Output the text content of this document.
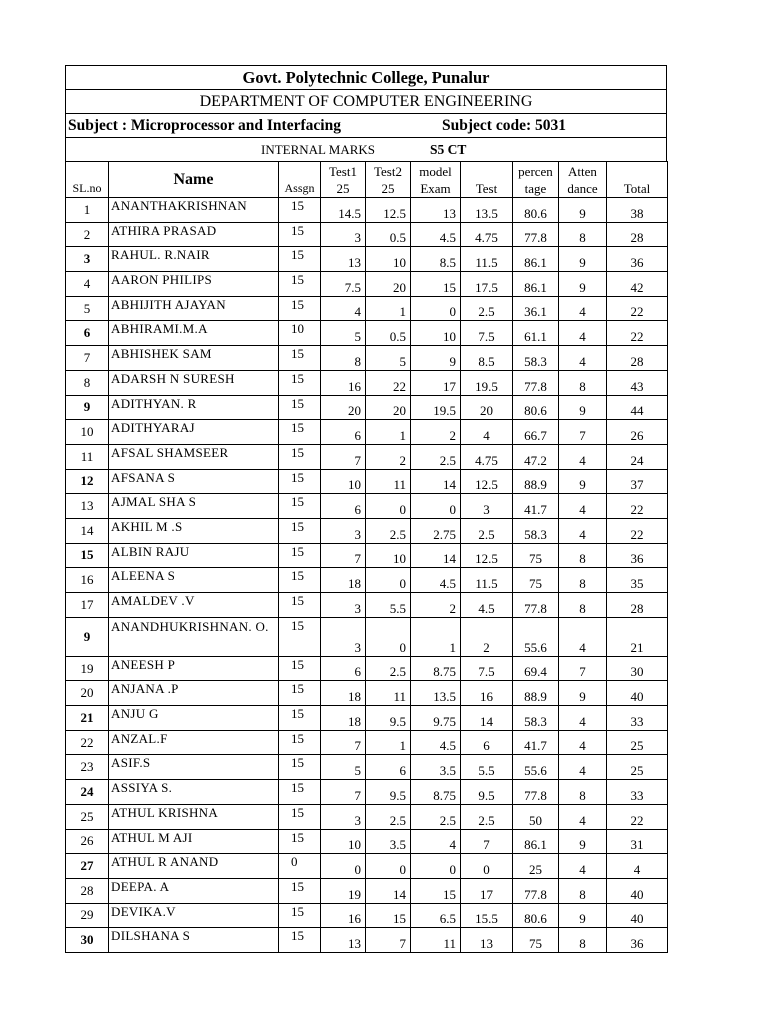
Govt. Polytechnic College, Punalur
DEPARTMENT OF COMPUTER ENGINEERING
Subject : Microprocessor and Interfacing	Subject code: 5031
INTERNAL MARKS	S5 CT
SL.no	Name	Assgn	Test1 25	Test2 25	model Exam	Test	percen tage	Atten dance	Total
1	ANANTHAKRISHNAN	15	14.5	12.5	13	13.5	80.6	9	38
2	ATHIRA PRASAD	15	3	0.5	4.5	4.75	77.8	8	28
3	RAHUL. R.NAIR	15	13	10	8.5	11.5	86.1	9	36
4	AARON PHILIPS	15	7.5	20	15	17.5	86.1	9	42
5	ABHIJITH AJAYAN	15	4	1	0	2.5	36.1	4	22
6	ABHIRAMI.M.A	10	5	0.5	10	7.5	61.1	4	22
7	ABHISHEK SAM	15	8	5	9	8.5	58.3	4	28
8	ADARSH N SURESH	15	16	22	17	19.5	77.8	8	43
9	ADITHYAN. R	15	20	20	19.5	20	80.6	9	44
10	ADITHYARAJ	15	6	1	2	4	66.7	7	26
11	AFSAL SHAMSEER	15	7	2	2.5	4.75	47.2	4	24
12	AFSANA S	15	10	11	14	12.5	88.9	9	37
13	AJMAL SHA S	15	6	0	0	3	41.7	4	22
14	AKHIL M .S	15	3	2.5	2.75	2.5	58.3	4	22
15	ALBIN RAJU	15	7	10	14	12.5	75	8	36
16	ALEENA S	15	18	0	4.5	11.5	75	8	35
17	AMALDEV .V	15	3	5.5	2	4.5	77.8	8	28
9	ANANDHUKRISHNAN. O.	15	3	0	1	2	55.6	4	21
19	ANEESH P	15	6	2.5	8.75	7.5	69.4	7	30
20	ANJANA .P	15	18	11	13.5	16	88.9	9	40
21	ANJU G	15	18	9.5	9.75	14	58.3	4	33
22	ANZAL.F	15	7	1	4.5	6	41.7	4	25
23	ASIF.S	15	5	6	3.5	5.5	55.6	4	25
24	ASSIYA S.	15	7	9.5	8.75	9.5	77.8	8	33
25	ATHUL KRISHNA	15	3	2.5	2.5	2.5	50	4	22
26	ATHUL M AJI	15	10	3.5	4	7	86.1	9	31
27	ATHUL R ANAND	0	0	0	0	0	25	4	4
28	DEEPA. A	15	19	14	15	17	77.8	8	40
29	DEVIKA.V	15	16	15	6.5	15.5	80.6	9	40
30	DILSHANA S	15	13	7	11	13	75	8	36
